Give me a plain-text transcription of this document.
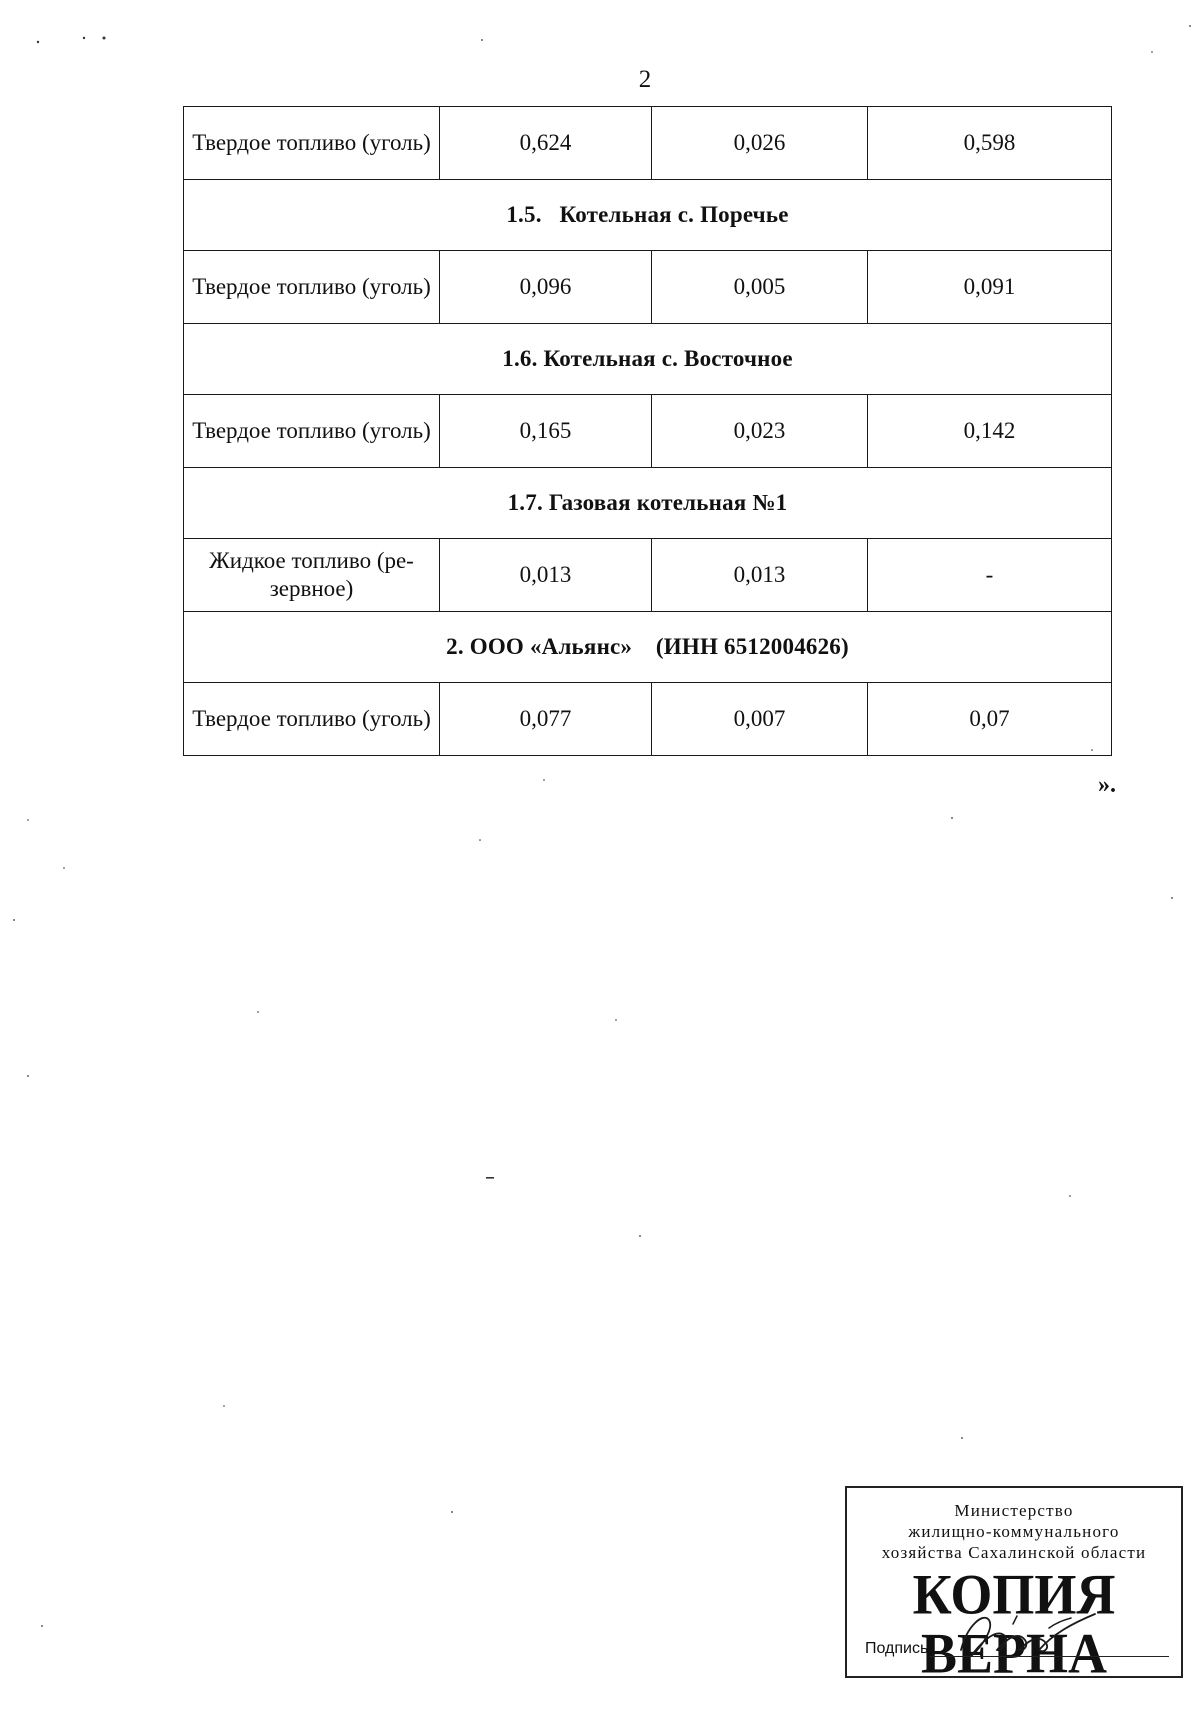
2
Твердое топливо (уголь)	0,624	0,026	0,598
1.5.   Котельная с. Поречье			
Твердое топливо (уголь)	0,096	0,005	0,091
1.6. Котельная с. Восточное			
Твердое топливо (уголь)	0,165	0,023	0,142
1.7. Газовая котельная №1			
Жидкое топливо (ре-зервное)	0,013	0,013	-
2. ООО «Альянс»    (ИНН 6512004626)			
Твердое топливо (уголь)	0,077	0,007	0,07
».
Министерство
жилищно-коммунального
хозяйства Сахалинской области
КОПИЯ ВЕРНА
Подпись
